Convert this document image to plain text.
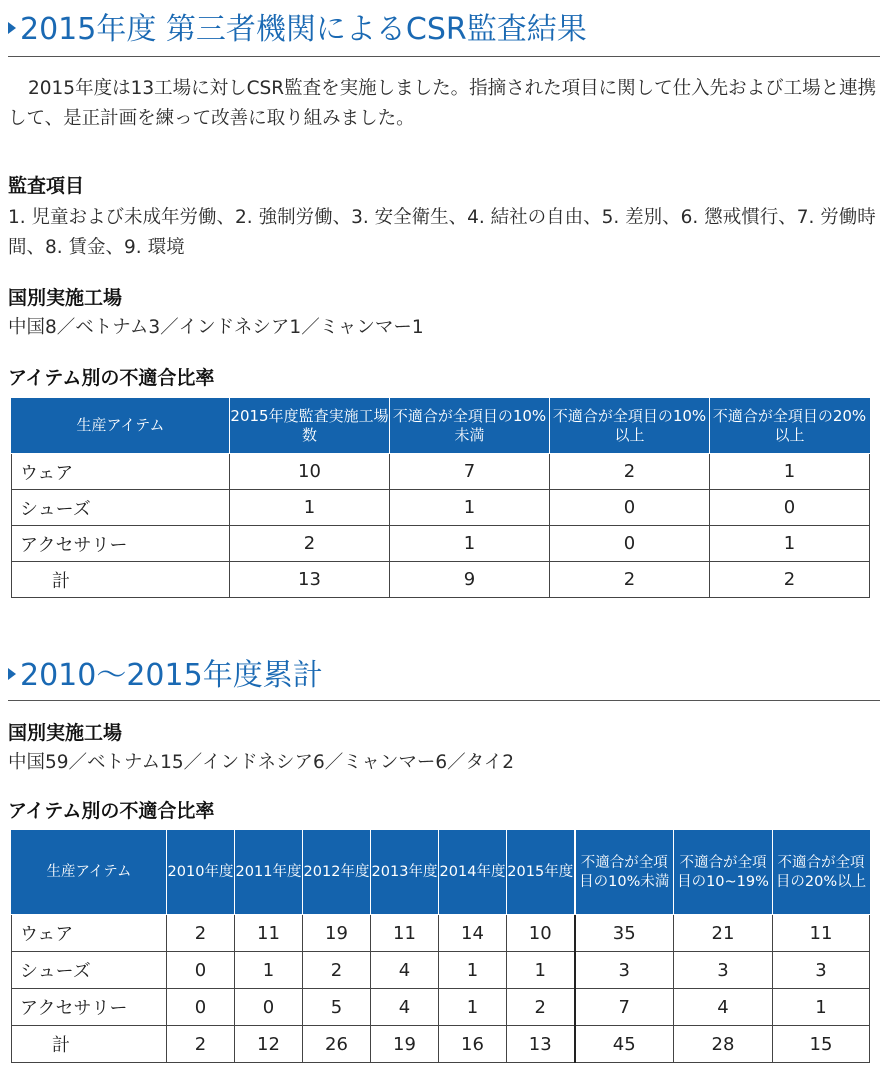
2015年度 第三者機関によるCSR監査結果

2015年度は13工場に対しCSR監査を実施しました。指摘された項目に関して仕入先および工場と連携して、是正計画を練って改善に取り組みました。

監査項目

1. 児童および未成年労働、2. 強制労働、3. 安全衛生、4. 結社の自由、5. 差別、6. 懲戒慣行、7. 労働時間、8. 賃金、9. 環境

国別実施工場

中国8／ベトナム3／インドネシア1／ミャンマー1

アイテム別の不適合比率
生産アイテム	2015年度監査実施工場数	不適合が全項目の10%未満	不適合が全項目の10%以上	不適合が全項目の20%以上
ウェア	10	7	2	1
シューズ	1	1	0	0
アクセサリー	2	1	0	1
計	13	9	2	2
2010～2015年度累計
国別実施工場

中国59／ベトナム15／インドネシア6／ミャンマー6／タイ2

アイテム別の不適合比率
生産アイテム	2010年度	2011年度	2012年度	2013年度	2014年度	2015年度	不適合が全項目の10%未満	不適合が全項目の10~19%	不適合が全項目の20%以上
ウェア	2	11	19	11	14	10	35	21	11
シューズ	0	1	2	4	1	1	3	3	3
アクセサリー	0	0	5	4	1	2	7	4	1
計	2	12	26	19	16	13	45	28	15
